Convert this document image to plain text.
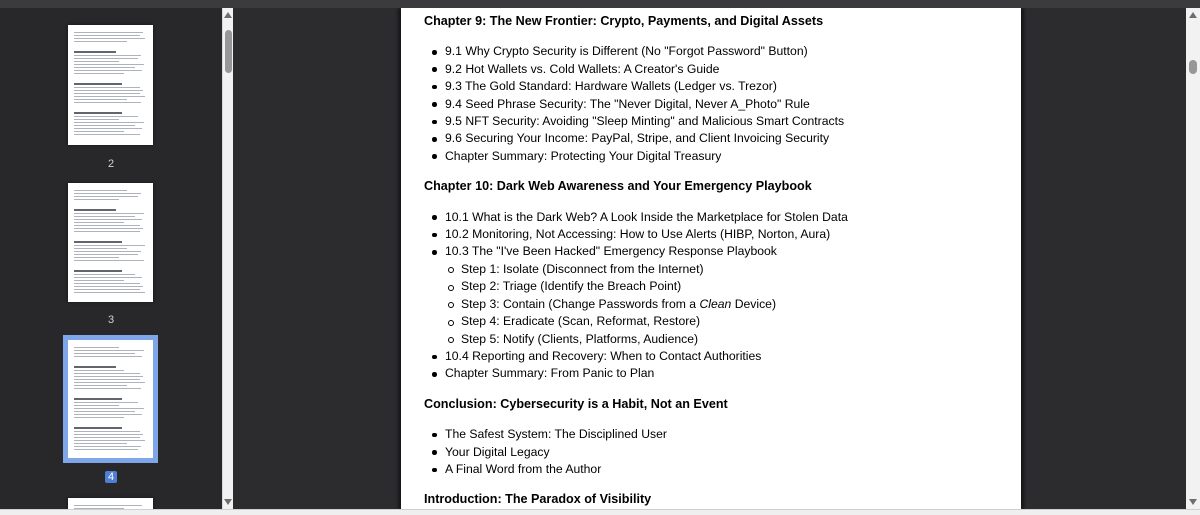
2
3
4
Chapter 9: The New Frontier: Crypto, Payments, and Digital Assets
9.1 Why Crypto Security is Different (No "Forgot Password" Button)
9.2 Hot Wallets vs. Cold Wallets: A Creator's Guide
9.3 The Gold Standard: Hardware Wallets (Ledger vs. Trezor)
9.4 Seed Phrase Security: The "Never Digital, Never A_Photo" Rule
9.5 NFT Security: Avoiding "Sleep Minting" and Malicious Smart Contracts
9.6 Securing Your Income: PayPal, Stripe, and Client Invoicing Security
Chapter Summary: Protecting Your Digital Treasury
Chapter 10: Dark Web Awareness and Your Emergency Playbook
10.1 What is the Dark Web? A Look Inside the Marketplace for Stolen Data
10.2 Monitoring, Not Accessing: How to Use Alerts (HIBP, Norton, Aura)
10.3 The "I've Been Hacked" Emergency Response Playbook
Step 1: Isolate (Disconnect from the Internet)
Step 2: Triage (Identify the Breach Point)
Step 3: Contain (Change Passwords from a Clean Device)
Step 4: Eradicate (Scan, Reformat, Restore)
Step 5: Notify (Clients, Platforms, Audience)
10.4 Reporting and Recovery: When to Contact Authorities
Chapter Summary: From Panic to Plan
Conclusion: Cybersecurity is a Habit, Not an Event
The Safest System: The Disciplined User
Your Digital Legacy
A Final Word from the Author
Introduction: The Paradox of Visibility
